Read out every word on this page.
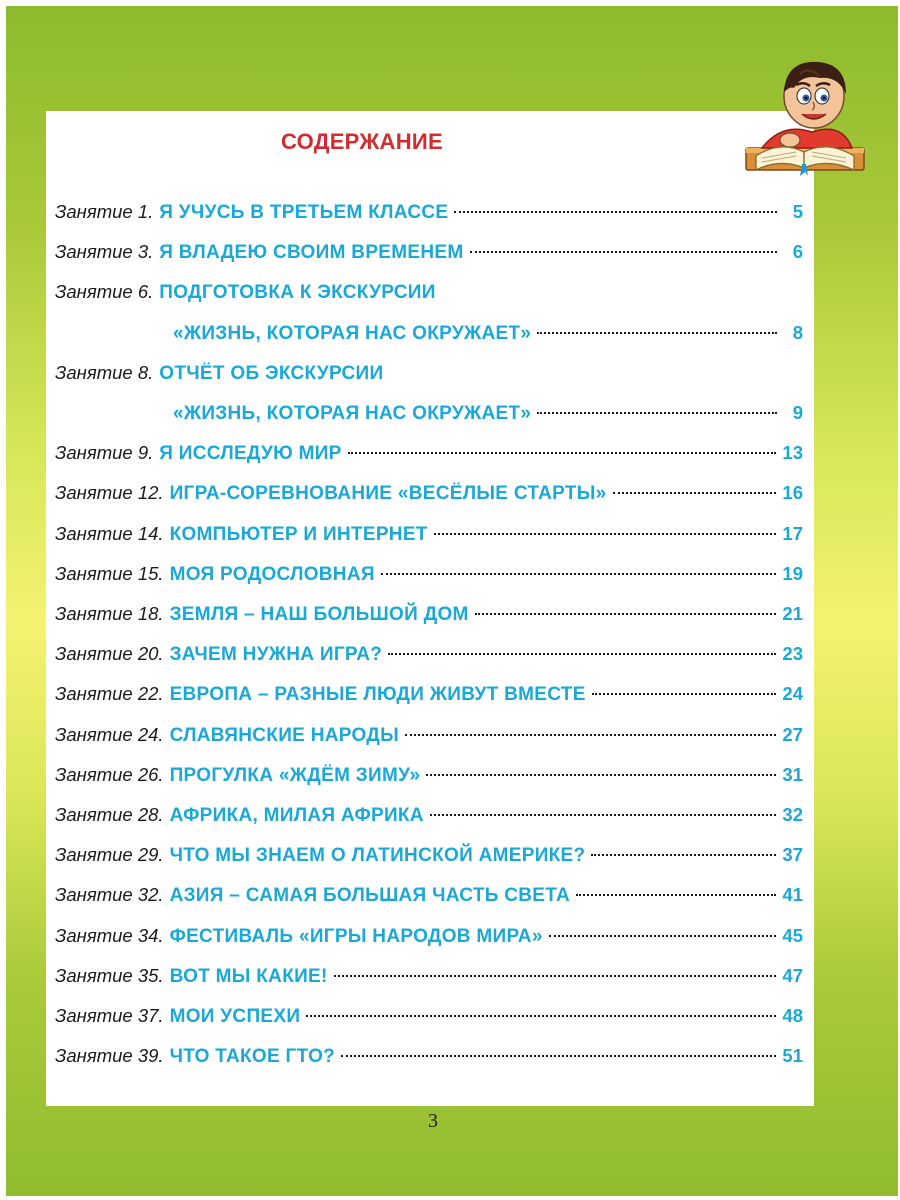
СОДЕРЖАНИЕ
Занятие 1. Я УЧУСЬ В ТРЕТЬЕМ КЛАССЕ	5
Занятие 3. Я ВЛАДЕЮ СВОИМ ВРЕМЕНЕМ	6
Занятие 6. ПОДГОТОВКА К ЭКСКУРСИИ
«ЖИЗНЬ, КОТОРАЯ НАС ОКРУЖАЕТ»	8
Занятие 8. ОТЧЁТ ОБ ЭКСКУРСИИ
«ЖИЗНЬ, КОТОРАЯ НАС ОКРУЖАЕТ»	9
Занятие 9. Я ИССЛЕДУЮ МИР	13
Занятие 12. ИГРА-СОРЕВНОВАНИЕ «ВЕСЁЛЫЕ СТАРТЫ»	16
Занятие 14. КОМПЬЮТЕР И ИНТЕРНЕТ	17
Занятие 15. МОЯ РОДОСЛОВНАЯ	19
Занятие 18. ЗЕМЛЯ – НАШ БОЛЬШОЙ ДОМ	21
Занятие 20. ЗАЧЕМ НУЖНА ИГРА?	23
Занятие 22. ЕВРОПА – РАЗНЫЕ ЛЮДИ ЖИВУТ ВМЕСТЕ	24
Занятие 24. СЛАВЯНСКИЕ НАРОДЫ	27
Занятие 26. ПРОГУЛКА «ЖДЁМ ЗИМУ»	31
Занятие 28. АФРИКА, МИЛАЯ АФРИКА	32
Занятие 29. ЧТО МЫ ЗНАЕМ О ЛАТИНСКОЙ АМЕРИКЕ?	37
Занятие 32. АЗИЯ – САМАЯ БОЛЬШАЯ ЧАСТЬ СВЕТА	41
Занятие 34. ФЕСТИВАЛЬ «ИГРЫ НАРОДОВ МИРА»	45
Занятие 35. ВОТ МЫ КАКИЕ!	47
Занятие 37. МОИ УСПЕХИ	48
Занятие 39. ЧТО ТАКОЕ ГТО?	51
3
